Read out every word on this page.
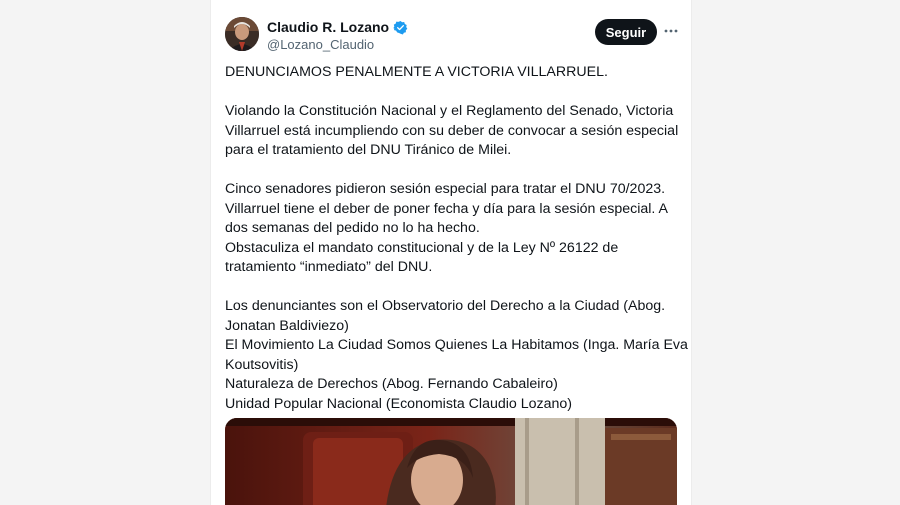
Claudio R. Lozano
@Lozano_Claudio
Seguir
DENUNCIAMOS PENALMENTE A VICTORIA VILLARRUEL.
Violando la Constitución Nacional y el Reglamento del Senado, Victoria
Villarruel está incumpliendo con su deber de convocar a sesión especial
para el tratamiento del DNU Tiránico de Milei.
Cinco senadores pidieron sesión especial para tratar el DNU 70/2023.
Villarruel tiene el deber de poner fecha y día para la sesión especial. A
dos semanas del pedido no lo ha hecho.
Obstaculiza el mandato constitucional y de la Ley Nº 26122 de
tratamiento “inmediato” del DNU.
Los denunciantes son el Observatorio del Derecho a la Ciudad (Abog.
Jonatan Baldiviezo)
El Movimiento La Ciudad Somos Quienes La Habitamos (Inga. María Eva
Koutsovitis)
Naturaleza de Derechos (Abog. Fernando Cabaleiro)
Unidad Popular Nacional (Economista Claudio Lozano)
